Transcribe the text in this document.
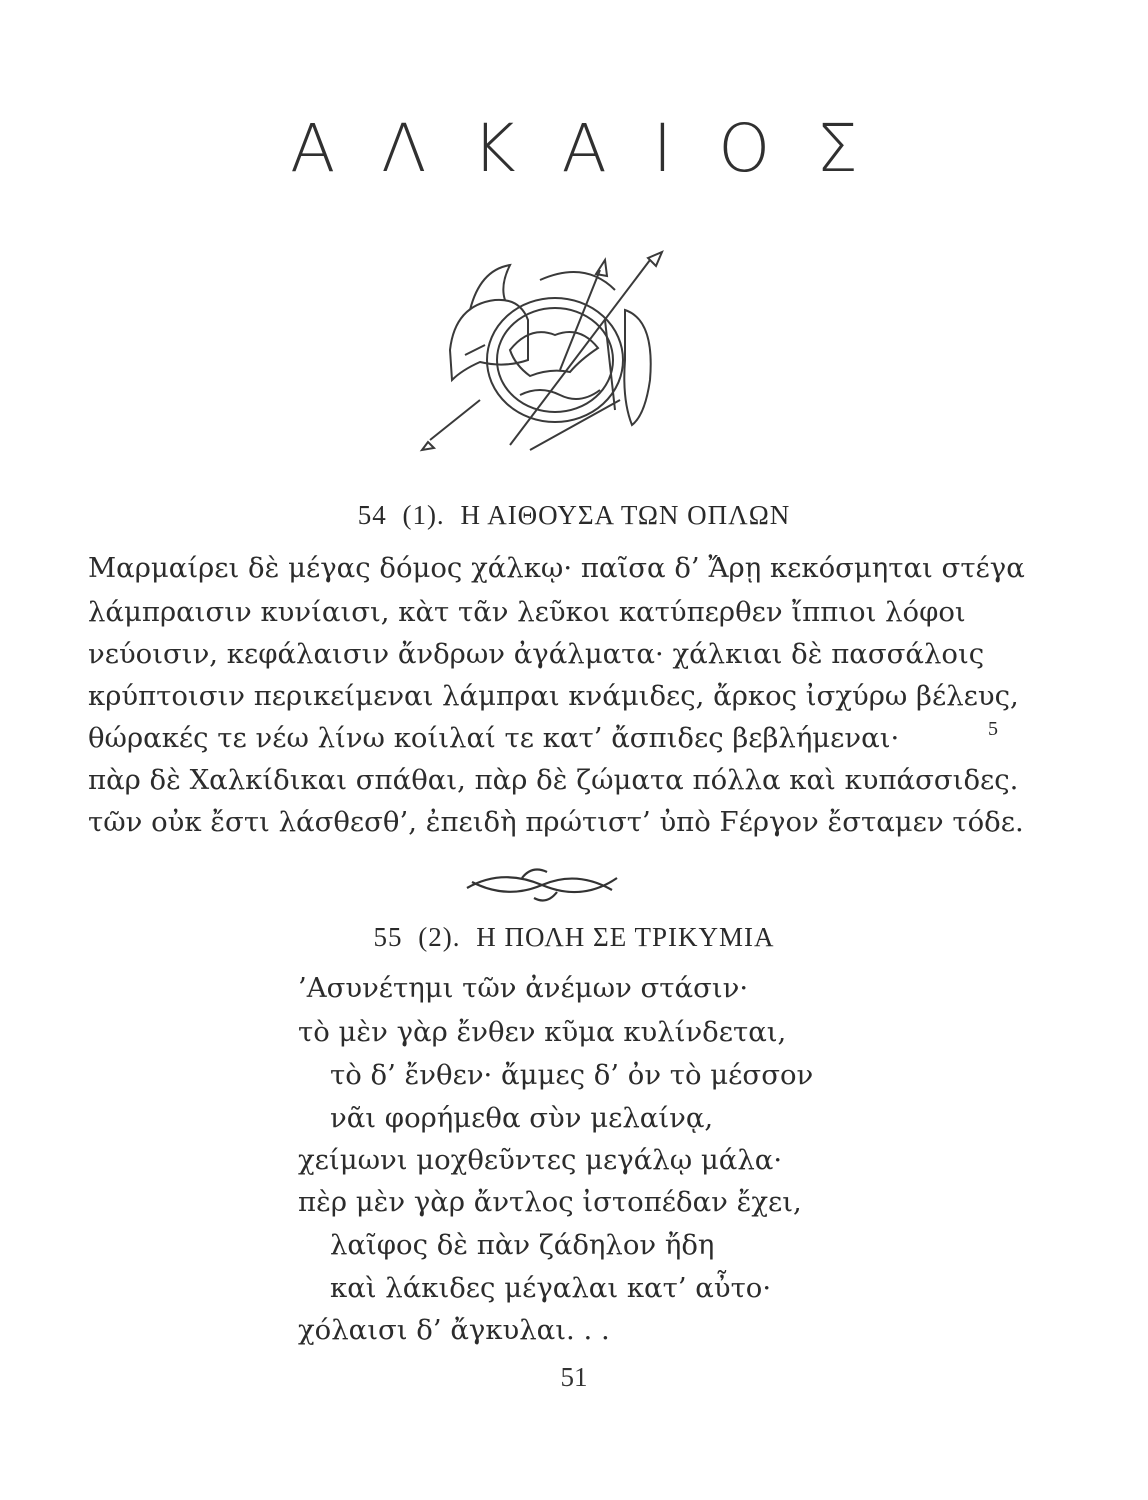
ΑΛΚΑΙΟΣ
54 (1). Η ΑΙΘΟΥΣΑ ΤΩΝ ΟΠΛΩΝ
Μαρμαίρει δὲ μέγας δόμος χάλκῳ· παῖσα δ’ Ἄρῃ κεκόσμηται στέγα
λάμπραισιν κυνίαισι, κὰτ τᾶν λεῦκοι κατύπερθεν ἴππιοι λόφοι
νεύοισιν, κεφάλαισιν ἄνδρων ἀγάλματα· χάλκιαι δὲ πασσάλοις
κρύπτοισιν περικείμεναι λάμπραι κνάμιδες, ἄρκος ἰσχύρω βέλευς,
θώρακές τε νέω λίνω κοίιλαί τε κατ’ ἄσπιδες βεβλήμεναι·
πὰρ δὲ Χαλκίδικαι σπάθαι, πὰρ δὲ ζώματα πόλλα καὶ κυπάσσιδες.
τῶν οὐκ ἔστι λάσθεσθ’, ἐπειδὴ πρώτιστ’ ὐπὸ Ϝέργον ἔσταμεν τόδε.
5
55 (2). Η ΠΟΛΗ ΣΕ ΤΡΙΚΥΜΙΑ
’Ασυνέτημι τῶν ἀνέμων στάσιν·
τὸ μὲν γὰρ ἔνθεν κῦμα κυλίνδεται,
τὸ δ’ ἔνθεν· ἄμμες δ’ ὀν τὸ μέσσον
νᾶι φορήμεθα σὺν μελαίνᾳ,
χείμωνι μοχθεῦντες μεγάλῳ μάλα·
πὲρ μὲν γὰρ ἄντλος ἰστοπέδαν ἔχει,
λαῖφος δὲ πὰν ζάδηλον ἤδη
καὶ λάκιδες μέγαλαι κατ’ αὖτο·
χόλαισι δ’ ἄγκυλαι. . .
51
